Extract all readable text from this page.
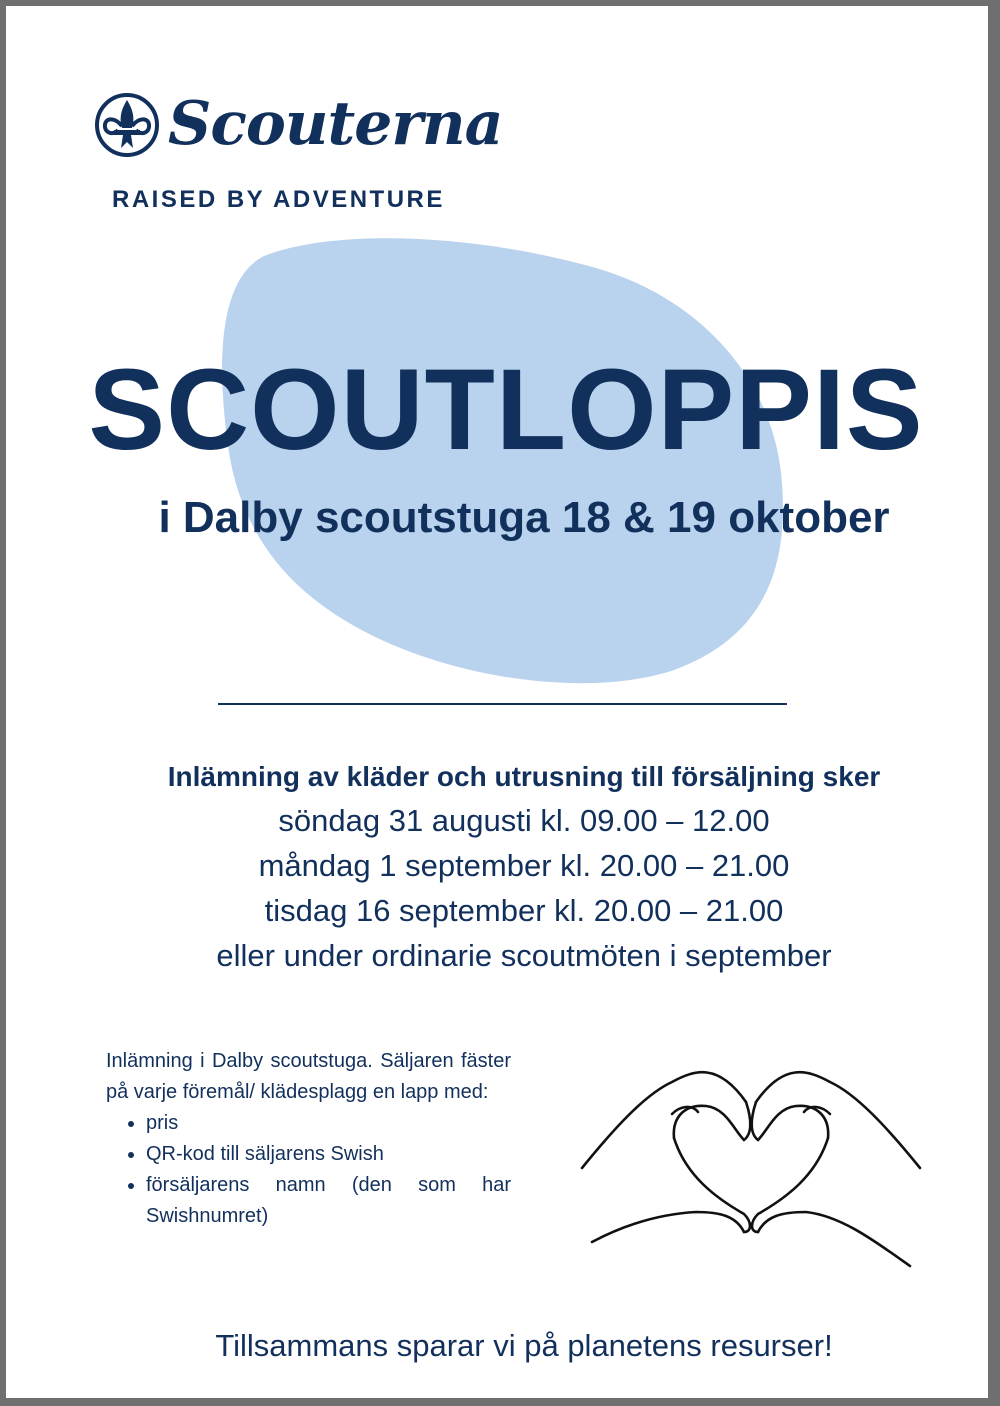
Scouterna

RAISED BY ADVENTURE

SCOUTLOPPIS
i Dalby scoutstuga 18 & 19 oktober
Inlämning av kläder och utrusning till försäljning sker
söndag 31 augusti kl. 09.00 – 12.00
måndag 1 september kl. 20.00 – 21.00
tisdag 16 september kl. 20.00 – 21.00
eller under ordinarie scoutmöten i september

Inlämning i Dalby scoutstuga. Säljaren fäster på varje föremål/ klädesplagg en lapp med:

• pris
• QR-kod till säljarens Swish
• försäljarens namn (den som har Swishnumret)

Tillsammans sparar vi på planetens resurser!
